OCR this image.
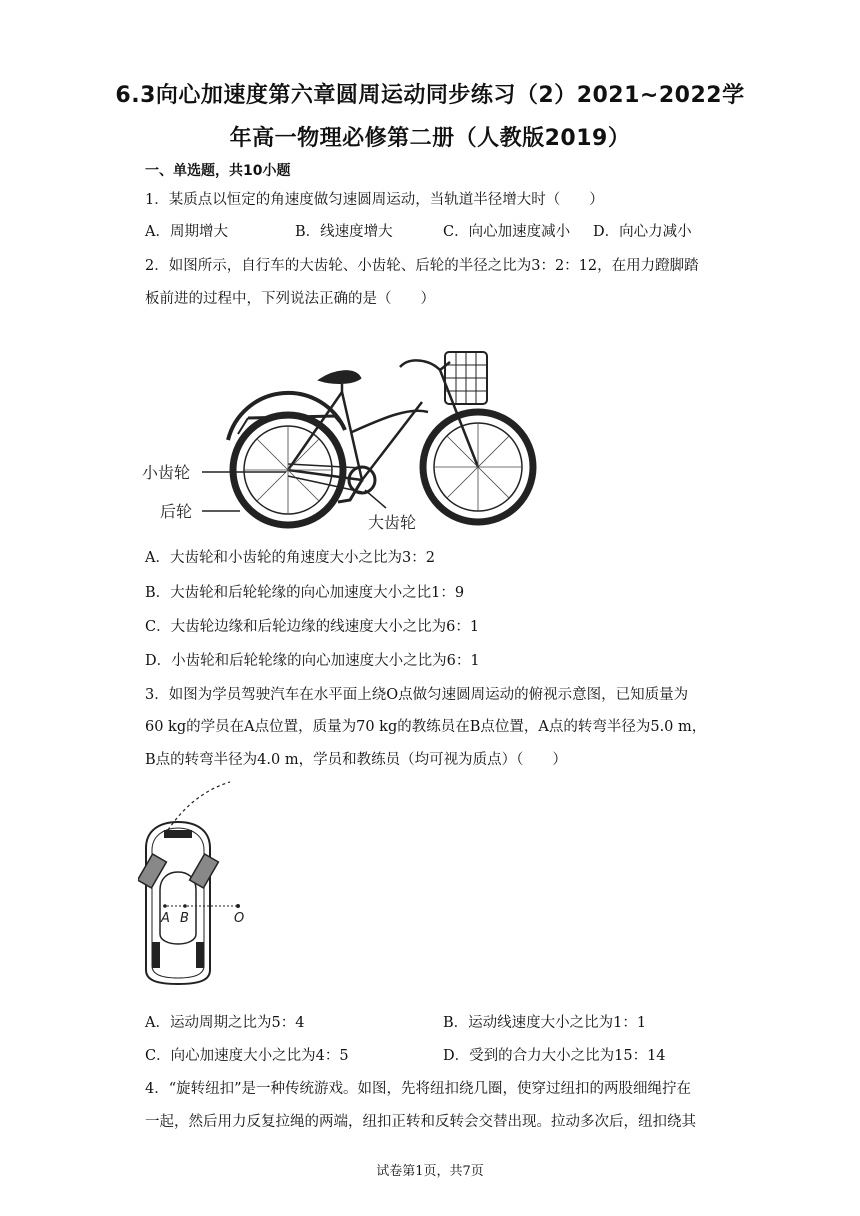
6.3向心加速度第六章圆周运动同步练习（2）2021~2022学
年高一物理必修第二册（人教版2019）
一、单选题，共10小题
1．某质点以恒定的角速度做匀速圆周运动，当轨道半径增大时（　　）
A．周期增大	B．线速度增大	C．向心加速度减小 D．向心力减小
2．如图所示，自行车的大齿轮、小齿轮、后轮的半径之比为3：2：12，在用力蹬脚踏
板前进的过程中，下列说法正确的是（　　）
小齿轮
后轮
大齿轮
A．大齿轮和小齿轮的角速度大小之比为3：2
B．大齿轮和后轮轮缘的向心加速度大小之比1：9
C．大齿轮边缘和后轮边缘的线速度大小之比为6：1
D．小齿轮和后轮轮缘的向心加速度大小之比为6：1
3．如图为学员驾驶汽车在水平面上绕O点做匀速圆周运动的俯视示意图，已知质量为
60 kg的学员在A点位置，质量为70 kg的教练员在B点位置，A点的转弯半径为5.0 m，
B点的转弯半径为4.0 m，学员和教练员（均可视为质点）（　　）
A B	O
A．运动周期之比为5：4	B．运动线速度大小之比为1：1
C．向心加速度大小之比为4：5	D．受到的合力大小之比为15：14
4．“旋转纽扣”是一种传统游戏。如图，先将纽扣绕几圈，使穿过纽扣的两股细绳拧在
一起，然后用力反复拉绳的两端，纽扣正转和反转会交替出现。拉动多次后，纽扣绕其
试卷第1页，共7页
